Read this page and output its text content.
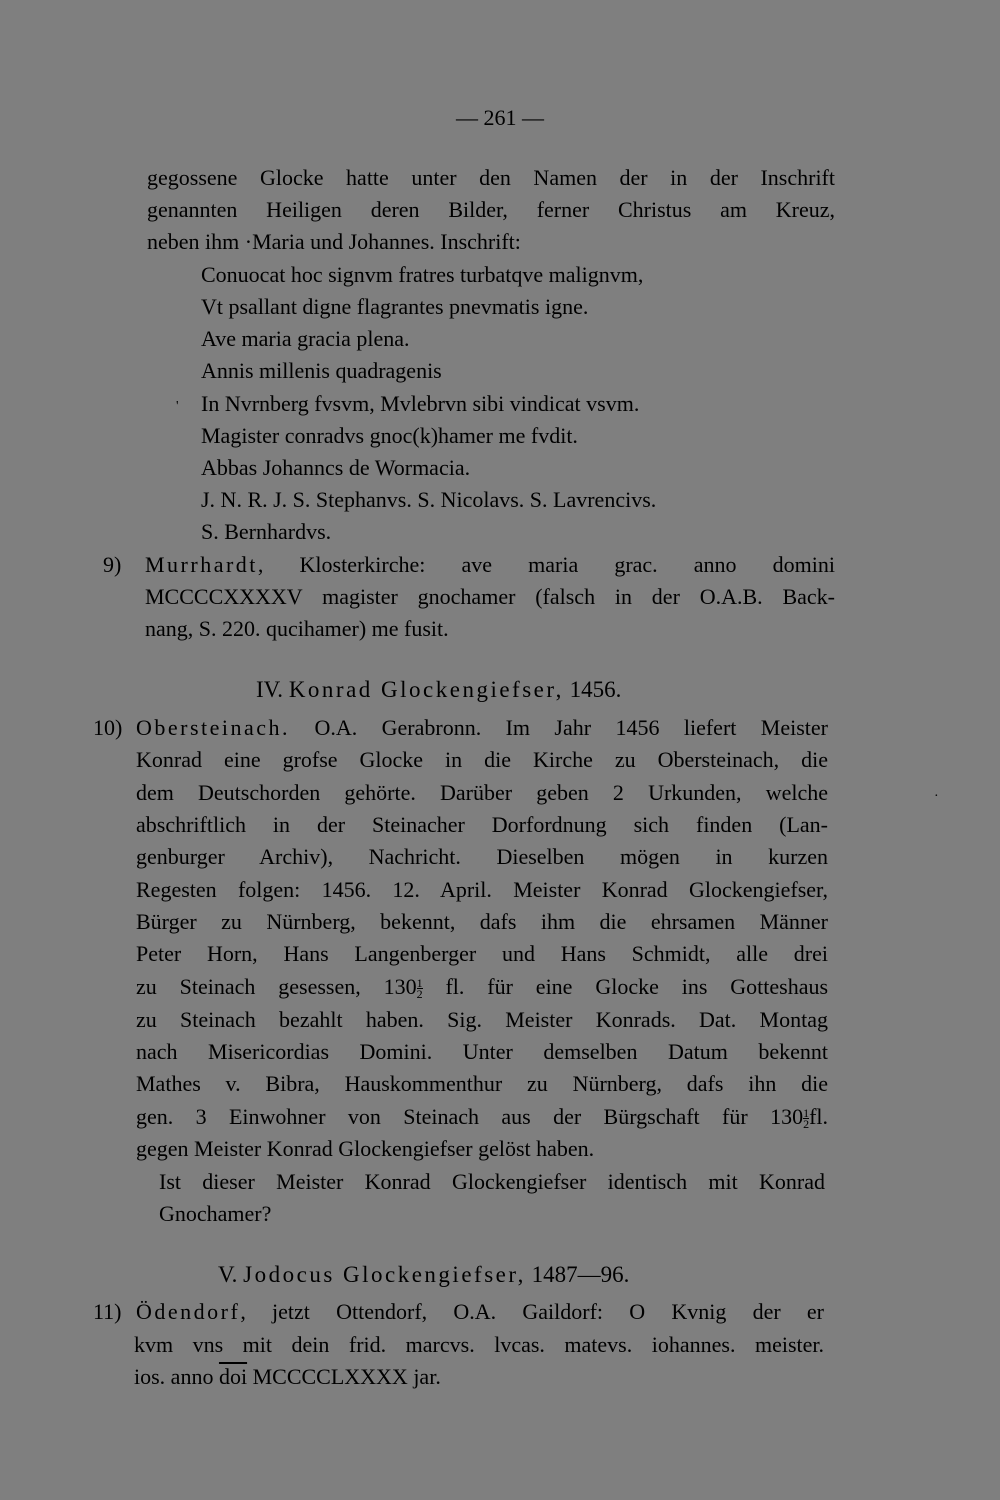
— 261 —
gegossene Glocke hatte unter den Namen der in der Inschrift
genannten Heiligen deren Bilder, ferner Christus am Kreuz,
neben ihm ·Maria und Johannes. Inschrift:
Conuocat hoc signvm fratres turbatqve malignvm,
Vt psallant digne flagrantes pnevmatis igne.
Ave maria gracia plena.
Annis millenis quadragenis
In Nvrnberg fvsvm, Mvlebrvn sibi vindicat vsvm.
Magister conradvs gnoc(k)hamer me fvdit.
Abbas Johanncs de Wormacia.
J. N. R. J. S. Stephanvs. S. Nicolavs. S. Lavrencivs.
S. Bernhardvs.
'
9) Murrhardt, Klosterkirche: ave maria grac. anno domini
MCCCCXXXXV magister gnochamer (falsch in der O.A.B. Back-
nang, S. 220. qucihamer) me fusit.
IV. Konrad Glockengiefser, 1456.
10) Obersteinach. O.A. Gerabronn. Im Jahr 1456 liefert Meister
Konrad eine grofse Glocke in die Kirche zu Obersteinach, die
dem Deutschorden gehörte. Darüber geben 2 Urkunden, welche
abschriftlich in der Steinacher Dorfordnung sich finden (Lan-
genburger Archiv), Nachricht. Dieselben mögen in kurzen
Regesten folgen: 1456. 12. April. Meister Konrad Glockengiefser,
Bürger zu Nürnberg, bekennt, dafs ihm die ehrsamen Männer
Peter Horn, Hans Langenberger und Hans Schmidt, alle drei
zu Steinach gesessen, $130 \frac{1}{2}$ fl. für eine Glocke ins Gotteshaus
zu Steinach bezahlt haben. Sig. Meister Konrads. Dat. Montag
nach Misericordias Domini. Unter demselben Datum bekennt
Mathes v. Bibra, Hauskommenthur zu Nürnberg, dafs ihn die
gen. 3 Einwohner von Steinach aus der Bürgschaft für $130 \frac{1}{2}$ fl.
gegen Meister Konrad Glockengiefser gelöst haben.
Ist dieser Meister Konrad Glockengiefser identisch mit Konrad
Gnochamer?
V. Jodocus Glockengiefser, 1487—96.
11) Ödendorf, jetzt Ottendorf, O.A. Gaildorf: O Kvnig der er
kvm vns mit dein frid. marcvs. lvcas. matevs. iohannes. meister.
ios. anno $\overline{doi}$ MCCCCLXXXX jar.
·
